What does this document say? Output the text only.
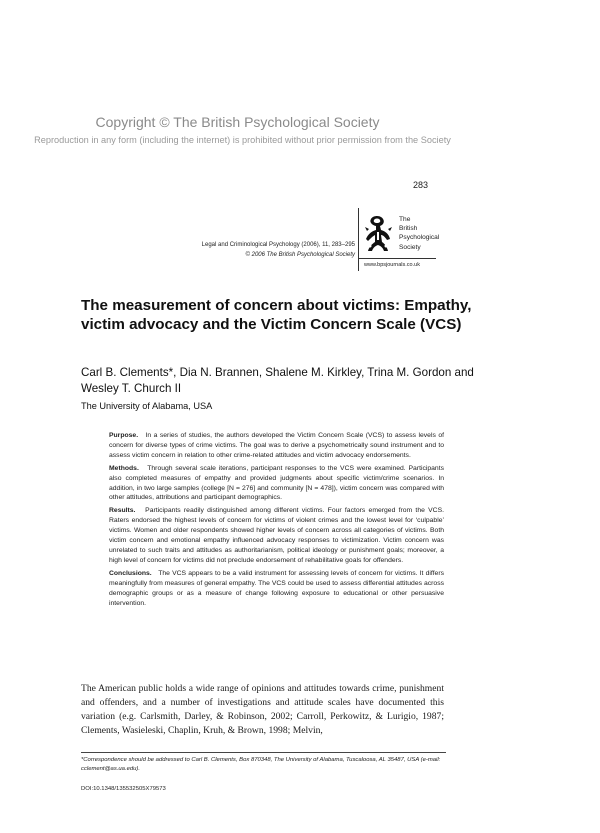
Copyright © The British Psychological Society
Reproduction in any form (including the internet) is prohibited without prior permission from the Society
283
Legal and Criminological Psychology (2006), 11, 283–295
© 2006 The British Psychological Society
The
British
Psychological
Society
www.bpsjournals.co.uk
The measurement of concern about victims: Empathy, victim advocacy and the Victim Concern Scale (VCS)
Carl B. Clements*, Dia N. Brannen, Shalene M. Kirkley, Trina M. Gordon and Wesley T. Church II
The University of Alabama, USA

Purpose. In a series of studies, the authors developed the Victim Concern Scale (VCS) to assess levels of concern for diverse types of crime victims. The goal was to derive a psychometrically sound instrument and to assess victim concern in relation to other crime-related attitudes and victim advocacy endorsements.

Methods. Through several scale iterations, participant responses to the VCS were examined. Participants also completed measures of empathy and provided judgments about specific victim/crime scenarios. In addition, in two large samples (college [N = 276] and community [N = 478]), victim concern was compared with other attitudes, attributions and participant demographics.

Results. Participants readily distinguished among different victims. Four factors emerged from the VCS. Raters endorsed the highest levels of concern for victims of violent crimes and the lowest level for ‘culpable’ victims. Women and older respondents showed higher levels of concern across all categories of victims. Both victim concern and emotional empathy influenced advocacy responses to victimization. Victim concern was unrelated to such traits and attitudes as authoritarianism, political ideology or punishment goals; moreover, a high level of concern for victims did not preclude endorsement of rehabilitative goals for offenders.

Conclusions. The VCS appears to be a valid instrument for assessing levels of concern for victims. It differs meaningfully from measures of general empathy. The VCS could be used to assess differential attitudes across demographic groups or as a measure of change following exposure to educational or other persuasive intervention.

The American public holds a wide range of opinions and attitudes towards crime, punishment and offenders, and a number of investigations and attitude scales have documented this variation (e.g. Carlsmith, Darley, & Robinson, 2002; Carroll, Perkowitz, & Lurigio, 1987; Clements, Wasieleski, Chaplin, Kruh, & Brown, 1998; Melvin,
*Correspondence should be addressed to Carl B. Clements, Box 870348, The University of Alabama, Tuscaloosa, AL 35487, USA (e-mail: cclement@as.ua.edu).
DOI:10.1348/135532505X79573
